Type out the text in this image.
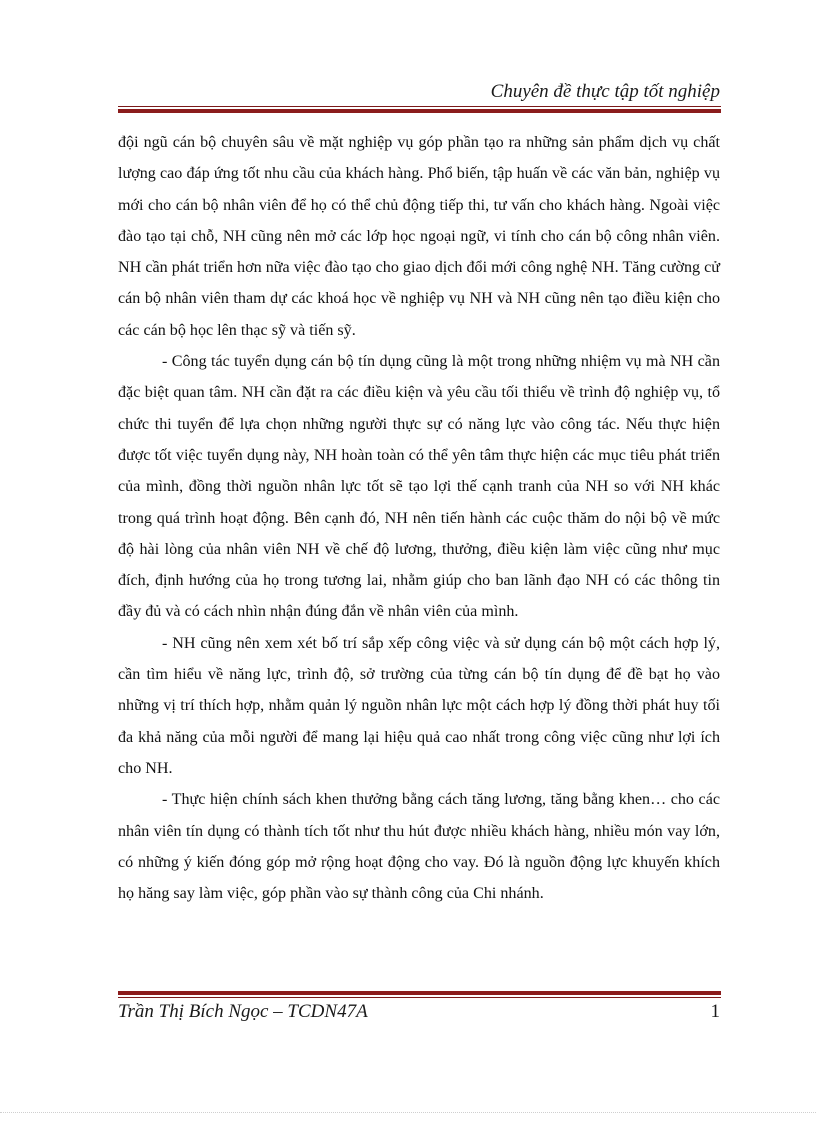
Chuyên đề thực tập tốt nghiệp

đội ngũ cán bộ chuyên sâu về mặt nghiệp vụ góp phần tạo ra những sản phẩm dịch vụ chất lượng cao đáp ứng tốt nhu cầu của khách hàng. Phổ biến, tập huấn về các văn bản, nghiệp vụ mới cho cán bộ nhân viên để họ có thể chủ động tiếp thi, tư vấn cho khách hàng. Ngoài việc đào tạo tại chỗ, NH cũng nên mở các lớp học ngoại ngữ, vi tính cho cán bộ công nhân viên. NH cần phát triển hơn nữa việc đào tạo cho giao dịch đổi mới công nghệ NH. Tăng cường cử cán bộ nhân viên tham dự các khoá học về nghiệp vụ NH và NH cũng nên tạo điều kiện cho các cán bộ học lên thạc sỹ và tiến sỹ.

- Công tác tuyển dụng cán bộ tín dụng cũng là một trong những nhiệm vụ mà NH cần đặc biệt quan tâm. NH cần đặt ra các điều kiện và yêu cầu tối thiểu về trình độ nghiệp vụ, tổ chức thi tuyển để lựa chọn những người thực sự có năng lực vào công tác. Nếu thực hiện được tốt việc tuyển dụng này, NH hoàn toàn có thể yên tâm thực hiện các mục tiêu phát triển của mình, đồng thời nguồn nhân lực tốt sẽ tạo lợi thế cạnh tranh của NH so với NH khác trong quá trình hoạt động. Bên cạnh đó, NH nên tiến hành các cuộc thăm do nội bộ về mức độ hài lòng của nhân viên NH về chế độ lương, thưởng, điều kiện làm việc cũng như mục đích, định hướng của họ trong tương lai, nhằm giúp cho ban lãnh đạo NH có các thông tin đầy đủ và có cách nhìn nhận đúng đắn về nhân viên của mình.

- NH cũng nên xem xét bố trí sắp xếp công việc và sử dụng cán bộ một cách hợp lý, cần tìm hiểu về năng lực, trình độ, sở trường của từng cán bộ tín dụng để đề bạt họ vào những vị trí thích hợp, nhằm quản lý nguồn nhân lực một cách hợp lý đồng thời phát huy tối đa khả năng của mỗi người để mang lại hiệu quả cao nhất trong công việc cũng như lợi ích cho NH.

- Thực hiện chính sách khen thưởng bằng cách tăng lương, tăng bằng khen… cho các nhân viên tín dụng có thành tích tốt như thu hút được nhiều khách hàng, nhiều món vay lớn, có những ý kiến đóng góp mở rộng hoạt động cho vay. Đó là nguồn động lực khuyến khích họ hăng say làm việc, góp phần vào sự thành công của Chi nhánh.

Trần Thị Bích Ngọc – TCDN47A	1
